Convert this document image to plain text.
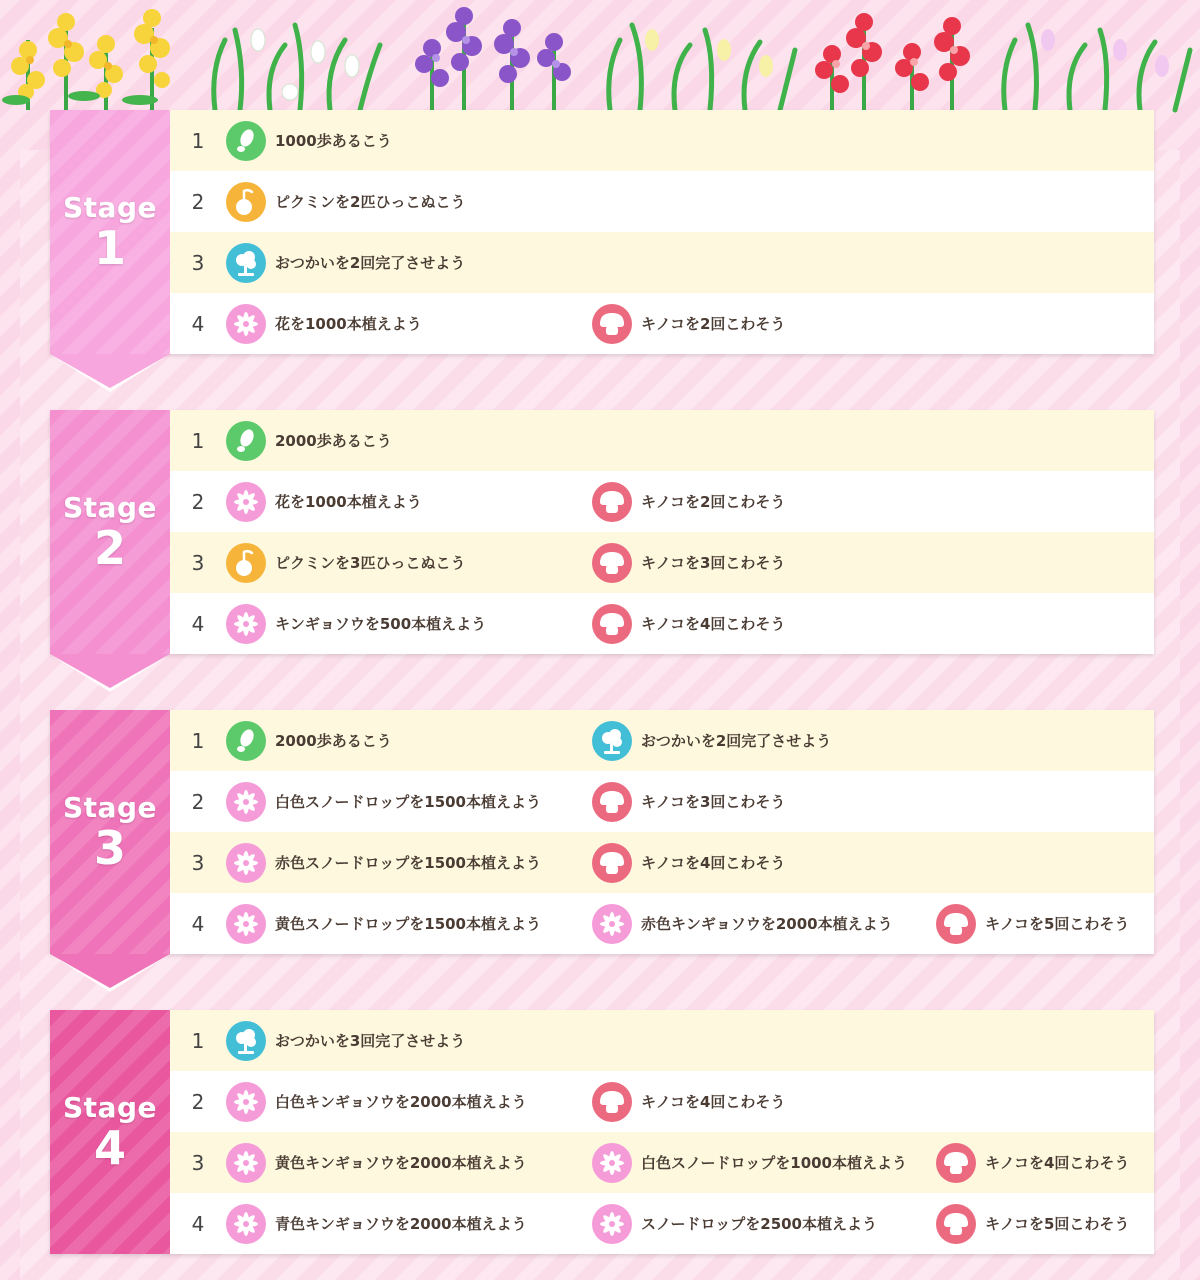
Stage
1
1	1000歩あるこう
2	ピクミンを2匹ひっこぬこう
3	おつかいを2回完了させよう
4	花を1000本植えよう	キノコを2回こわそう
Stage
2
1	2000歩あるこう
2	花を1000本植えよう	キノコを2回こわそう
3	ピクミンを3匹ひっこぬこう	キノコを3回こわそう
4	キンギョソウを500本植えよう	キノコを4回こわそう
Stage
3
1	2000歩あるこう	おつかいを2回完了させよう
2	白色スノードロップを1500本植えよう	キノコを3回こわそう
3	赤色スノードロップを1500本植えよう	キノコを4回こわそう
4	黄色スノードロップを1500本植えよう	赤色キンギョソウを2000本植えよう	キノコを5回こわそう
Stage
4
1	おつかいを3回完了させよう
2	白色キンギョソウを2000本植えよう	キノコを4回こわそう
3	黄色キンギョソウを2000本植えよう	白色スノードロップを1000本植えよう	キノコを4回こわそう
4	青色キンギョソウを2000本植えよう	スノードロップを2500本植えよう	キノコを5回こわそう
